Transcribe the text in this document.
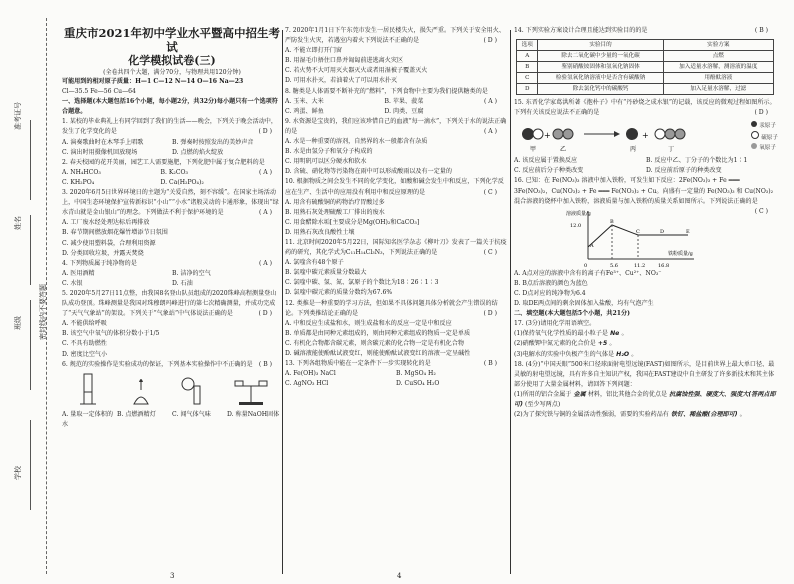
准考证号
姓名
班级
学校
密封线内不要答题
重庆市2021年初中学业水平暨高中招生考试
化学模拟试卷(三)
(全卷共四个大题，满分70分，与物理共用120分钟)

可能用到的相对原子质量：H—1 C—12 N—14 O—16 Na—23

Cl—35.5 Fe—56 Cu—64

一、选择题(本大题包括16个小题，每小题2分，共32分)每小题只有一个选项符合题意。

1. 某校的毕业典礼上有同学回到了我们的生活——晚会，下列关于晚会活动中，发生了化学变化的是	( D )

A. 演奏歌曲时在木琴手上唱歌	B. 弹奏时按照发出的美妙声音
C. 演出时用摄像机回放现场	D. 点燃的焰火绽放

2. 春天校园的花开美丽，园艺工人需要施肥，下列化肥中属于复合肥料的是
( A )

A. NH₄HCO₃	B. K₂CO₃
C. KH₂PO₄	D. Ca(H₂PO₄)₂

3. 2020年6月5日世界环境日的主题为“关爱自然，刻不容缓”。在国家主场活动上，中国生态环境保护宣传新标识“小山”“小水”诸般灵动的卡通形象，体现出“绿水青山就是金山银山”的理念。下列做法不利于保护环境的是	( A )

A. 工厂废水经处理达标后再排放

B. 春节期间燃放烟花爆竹增添节日氛围

C. 减少使用塑料袋，合理利用资源

D. 分类回收垃圾，并露天焚烧

4. 下列物质属于纯净物的是	( A )

A. 医用酒精	B. 洁净的空气
C. 水银	D. 石油

5. 2020年5月27日11点整，由我国8名登山队员组成的2020珠峰高程测量登山队成功登顶。珠峰测量是我国对珠穆朗玛峰进行的第七次精确测量，并成功完成了“天气气象站”的架设。下列关于“气象站”中气体说法正确的是	( D )

A. 不能供给呼吸

B. 该空气中氧气的体积分数小于1/5

C. 不具有助燃性

D. 密度比空气小

6. 规范的实验操作是实验成功的保证，下列基本实验操作中不正确的是 ( B )

A. 量取一定体积的水
B. 点燃酒精灯	C. 闻气体气味	D. 称量NaOH固体

7. 2020年1月1日下午东莞市发生一居民楼失火，损失严重。下列关于安全用火、严防发生火灾，若遇室内着火下列说法不正确的是	( D )

A. 不能立即打开门窗

B. 用湿毛巾捂住口鼻并匍匐前进逃离火灾区

C. 若火势不大可用灭火器灭火或者用湿被子覆盖灭火

D. 可用水扑灭，若油着火了可以用水扑灭

8. 糖类是人体需要不断补充的“燃料”，下列食物中主要为我们提供糖类的是
( A )

A. 玉米、大米	B. 苹果、菠菜
C. 鸡蛋、鲜鱼	D. 肉类、豆腐

9. 水资源是宝贵的，我们应该珍惜自己的血液“每一滴水”，下列关于水的说法正确的是	( A )

A. 水是一种重要的溶剂，自然界的水一般都含有杂质

B. 水是由氢分子和氧分子构成的

C. 用明矾可以区分硬水和软水

D. 含硫、硝化物等污染物在雨中可以形成酸雨以及有一定量的

10. 根据物质之间会发生不同的化学变化，如酸和碱会发生中和反应，下列化学反应在生产、生活中的应用没有利用中和反应原理的是	( C )

A. 用含有硫酸铜的药物治疗胃酸过多

B. 用熟石灰处理硫酸工厂排出的废水

C. 用食醋除水垢[主要成分是Mg(OH)₂和CaCO₃]

D. 用熟石灰改良酸性土壤

11. 北京时间2020年5月22日，国际知名医学杂志《柳叶刀》发表了一篇关于抗疫药的研究，其化学式为C₁₁H₁₄Cl₃N₃，下列说法正确的是	( C )

A. 氯喹含有48个原子

B. 氯喹中碳元素质量分数最大

C. 氯喹中碳、氢、氮、氯原子的个数比为18∶26∶1∶3

D. 氯喹中碳元素的质量分数约为67.6%

12. 类推是一种重要的学习方法，但如果不具体问题具体分析就会产生错误的结论。下列类推结论正确的是	( D )

A. 中和反应生成盐和水，则生成盐和水的反应一定是中和反应

B. 单质都是由同种元素组成的，则由同种元素组成的物质一定是单质

C. 有机化合物都含碳元素，则含碳元素的化合物一定是有机化合物

D. 碱溶液能使酚酞试液变红，则能使酚酞试液变红的溶液一定呈碱性

13. 下列各组物质中能在一定条件下一步实现转化的是	( B )

A. Fe(OH)₃ NaCl	B. MgSO₄ H₂
C. AgNO₃ HCl	D. CuSO₄ H₂O

14. 下列实验方案设计合理且能达到实验目的的是	( B )

选项	实验目的	实验方案
A	除去二氧化碳中少量的一氧化碳	点燃
B	鉴别硝酸铵固体和氢氧化钠固体	加入适量水溶解，测溶液的温度
C	检验氢氧化钠溶液中是否含有碳酸钠	用酚酞溶液
D	除去氯化钙中的碳酸钙	加入足量水溶解，过滤

15. 东晋化学家葛洪所著《抱朴子》中有“丹砂烧之成水银”的记载，该反应的微观过程如图所示。下列有关该反应说法不正确的是	( D )

+	+
甲	乙	丙	丁
汞原子
硫原子
氧原子
A. 该反应属于置换反应	B. 反应中乙、丁分子的个数比为1∶1
C. 反应前后分子种类改变	D. 反应前后原子的种类改变

16. 已知：在 Fe(NO₃)₃ 溶液中加入铁粉，可发生如下反应：2Fe(NO₃)₃ + Fe ═══ 3Fe(NO₃)₂，Cu(NO₃)₂ + Fe ═══ Fe(NO₃)₂ + Cu。向盛有一定量的 Fe(NO₃)₃ 和 Cu(NO₃)₂ 混合溶液的烧杯中加入铁粉，溶液质量与加入铁粉的质量关系如图所示。下列说法正确的是
( C )

溶液质量/g
12.0
0	5.6	11.2	16.8
铁粉质量/g
A
B
C	D	E

A. A点对应的溶液中含有的离子有Fe³⁺、Cu²⁺、NO₃⁻

B. B点后溶液的颜色为蓝色

C. D点对应的纯净物为6.4

D. 取DE两点间的剩余固体加入盐酸，均有气泡产生

二、填空题(本大题包括5个小题，共21分)

17. (3分)请用化学用语填空。

(1)保持氧气化学性质的最小粒子是 Ne 。

(2)硝酸钾中氮元素的化合价是 +5 。

(3)电解水的实验中负极产生的气体是 H₂O 。

18. (4分)“中国天眼”500米口径球面射电望远镜(FAST)如图所示，是目前世界上最大单口径、最灵敏的射电望远镜，具有许多自主知识产权，我国在FAST建设中自主研发了许多新技术和其主体部分使用了大量金属材料，请回答下列问题：

(1)所用的铝合金属于 金属 材料，铝比其他合金的优点是 抗腐蚀性强、硬度大、强度大(答两点即可) (至少写两点)

(2)为了探究铁与铜的金属活动性强弱，需要的实验药品有 铁钉、稀盐酸(合理即可) 。

3	4
